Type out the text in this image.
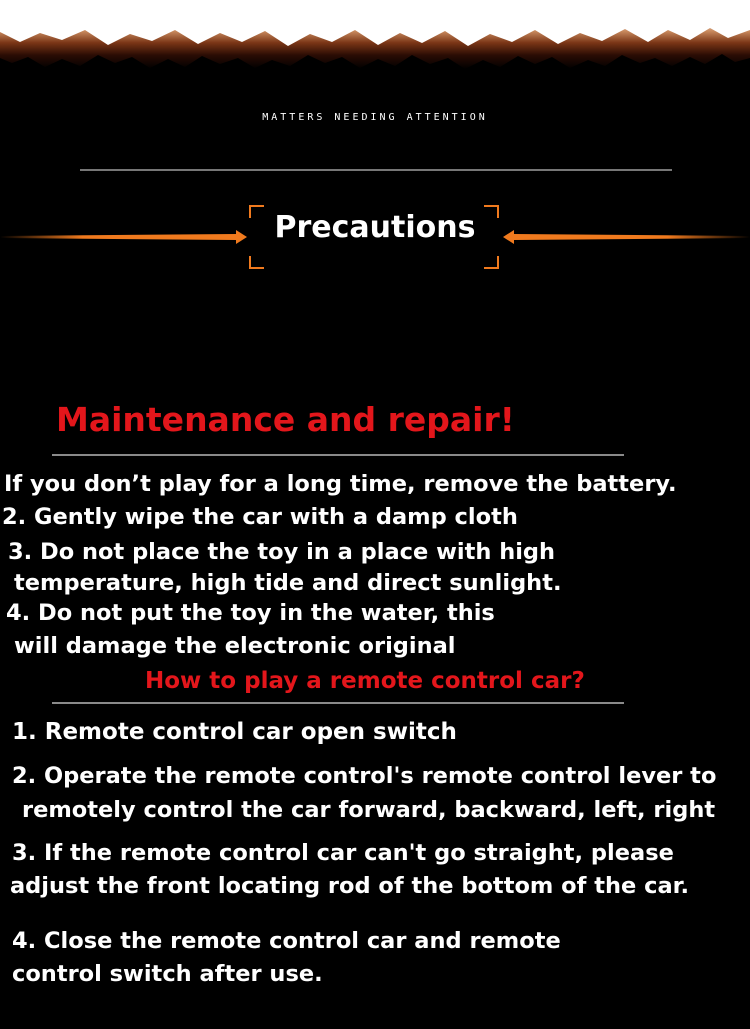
MATTERS NEEDING ATTENTION
Precautions
Maintenance and repair!
If you don’t play for a long time, remove the battery.
2. Gently wipe the car with a damp cloth
3. Do not place the toy in a place with high
temperature, high tide and direct sunlight.
4. Do not put the toy in the water, this
will damage the electronic original
How to play a remote control car?
1. Remote control car open switch
2. Operate the remote control's remote control lever to
remotely control the car forward, backward, left, right
3. If the remote control car can't go straight, please
adjust the front locating rod of the bottom of the car.
4. Close the remote control car and remote
control switch after use.
